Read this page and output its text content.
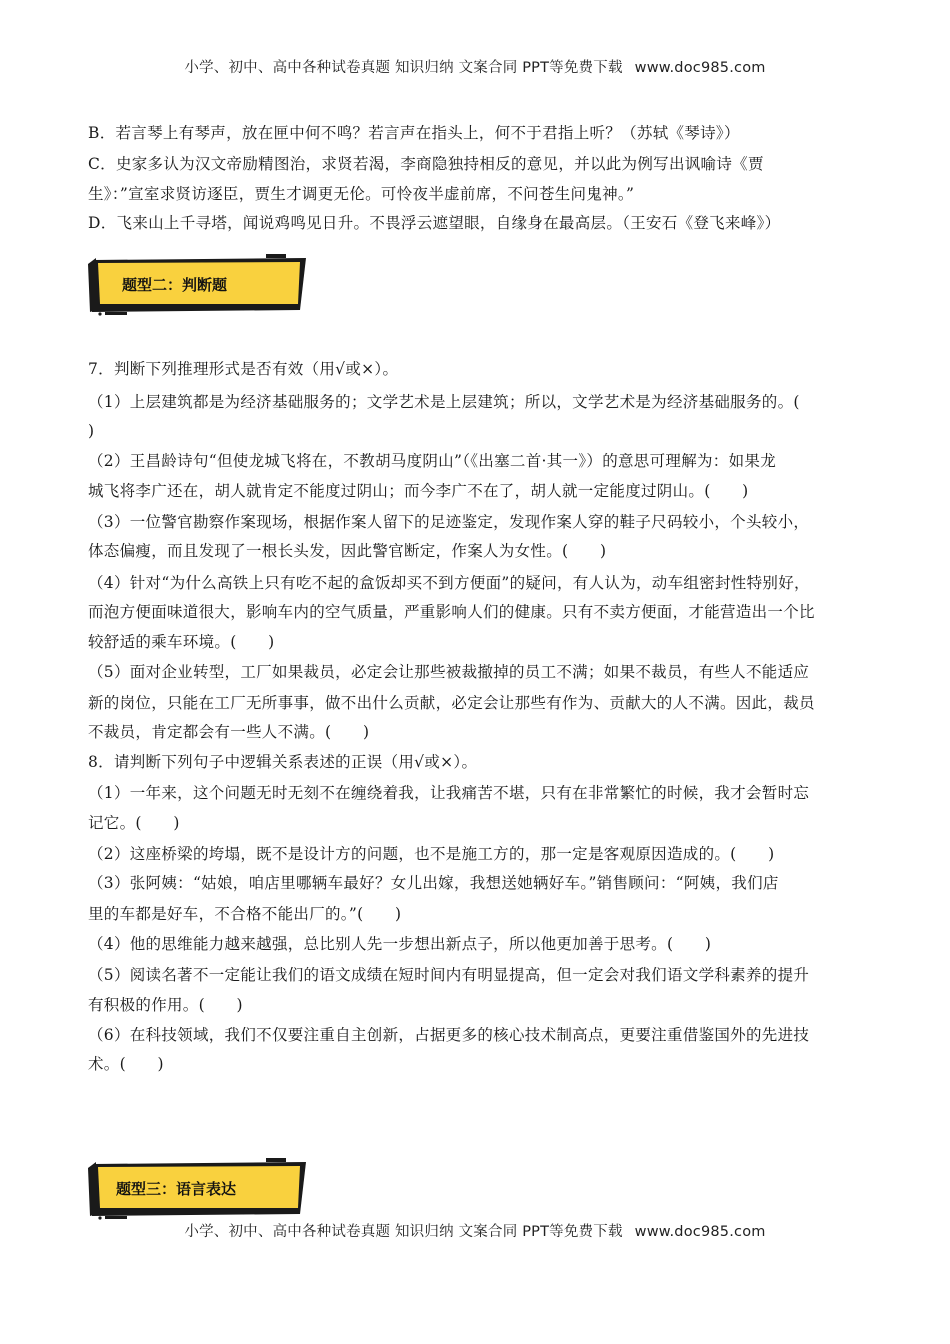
小学、初中、高中各种试卷真题 知识归纳 文案合同 PPT等免费下载 www.doc985.com
B．若言琴上有琴声，放在匣中何不鸣？若言声在指头上，何不于君指上听？（苏轼《琴诗》）
C．史家多认为汉文帝励精图治，求贤若渴，李商隐独持相反的意见，并以此为例写出讽喻诗《贾
生》：”宣室求贤访逐臣，贾生才调更无伦。可怜夜半虚前席，不问苍生问鬼神。”
D．飞来山上千寻塔，闻说鸡鸣见日升。不畏浮云遮望眼，自缘身在最高层。（王安石《登飞来峰》）
题型二：判断题
7．判断下列推理形式是否有效（用√或×）。
（1）上层建筑都是为经济基础服务的；文学艺术是上层建筑；所以，文学艺术是为经济基础服务的。(
)
（2）王昌龄诗句“但使龙城飞将在，不教胡马度阴山”（《出塞二首·其一》）的意思可理解为：如果龙
城飞将李广还在，胡人就肯定不能度过阴山；而今李广不在了，胡人就一定能度过阴山。(　　)
（3）一位警官勘察作案现场，根据作案人留下的足迹鉴定，发现作案人穿的鞋子尺码较小，个头较小，
体态偏瘦，而且发现了一根长头发，因此警官断定，作案人为女性。(　　)
（4）针对“为什么高铁上只有吃不起的盒饭却买不到方便面”的疑问，有人认为，动车组密封性特别好，
而泡方便面味道很大，影响车内的空气质量，严重影响人们的健康。只有不卖方便面，才能营造出一个比
较舒适的乘车环境。(　　)
（5）面对企业转型，工厂如果裁员，必定会让那些被裁撤掉的员工不满；如果不裁员，有些人不能适应
新的岗位，只能在工厂无所事事，做不出什么贡献，必定会让那些有作为、贡献大的人不满。因此，裁员
不裁员，肯定都会有一些人不满。(　　)
8．请判断下列句子中逻辑关系表述的正误（用√或×）。
（1）一年来，这个问题无时无刻不在缠绕着我，让我痛苦不堪，只有在非常繁忙的时候，我才会暂时忘
记它。(　　)
（2）这座桥梁的垮塌，既不是设计方的问题，也不是施工方的，那一定是客观原因造成的。(　　)
（3）张阿姨：“姑娘，咱店里哪辆车最好？女儿出嫁，我想送她辆好车。”销售顾问：“阿姨，我们店
里的车都是好车，不合格不能出厂的。”(　　)
（4）他的思维能力越来越强，总比别人先一步想出新点子，所以他更加善于思考。(　　)
（5）阅读名著不一定能让我们的语文成绩在短时间内有明显提高，但一定会对我们语文学科素养的提升
有积极的作用。(　　)
（6）在科技领域，我们不仅要注重自主创新，占据更多的核心技术制高点，更要注重借鉴国外的先进技
术。(　　)
题型三：语言表达
小学、初中、高中各种试卷真题 知识归纳 文案合同 PPT等免费下载 www.doc985.com
